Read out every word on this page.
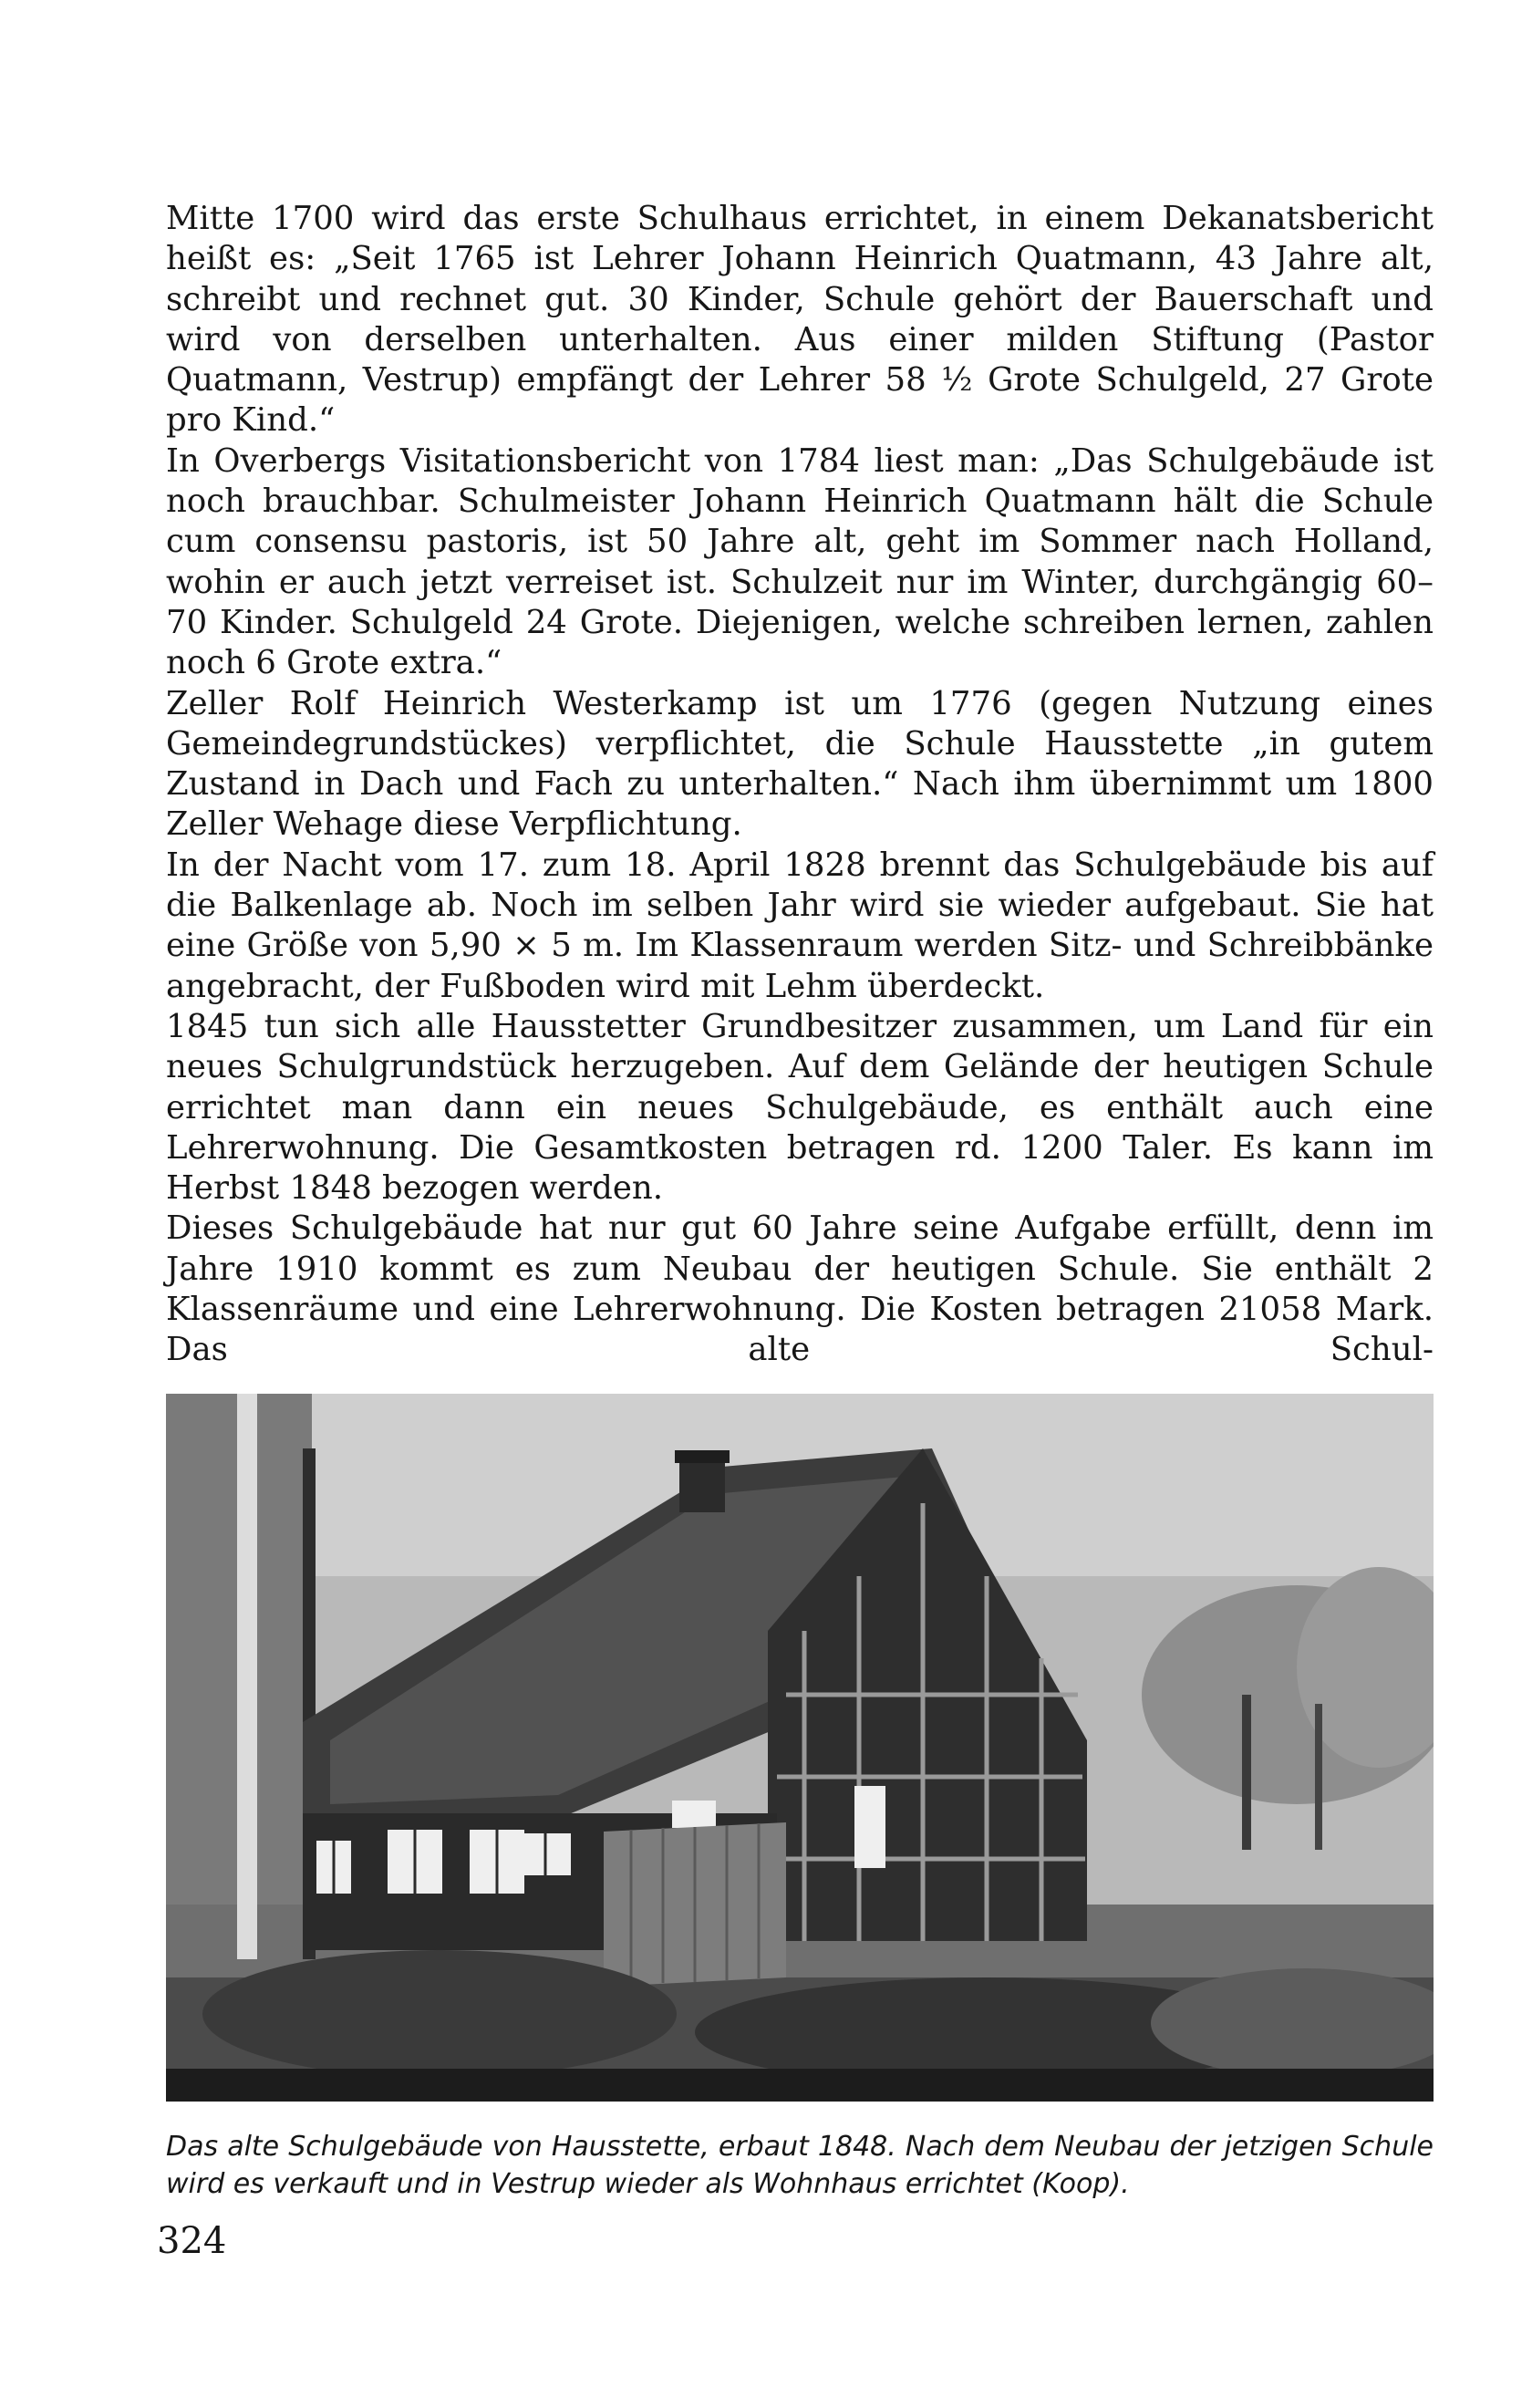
Mitte 1700 wird das erste Schulhaus errichtet, in einem Dekanatsbericht heißt es: „Seit 1765 ist Lehrer Johann Heinrich Quatmann, 43 Jahre alt, schreibt und rechnet gut. 30 Kinder, Schule gehört der Bauerschaft und wird von derselben unterhalten. Aus einer milden Stiftung (Pastor Quatmann, Vestrup) empfängt der Lehrer 58 ½ Grote Schulgeld, 27 Grote pro Kind.“

In Overbergs Visitationsbericht von 1784 liest man: „Das Schulgebäude ist noch brauchbar. Schulmeister Johann Heinrich Quatmann hält die Schule cum consensu pastoris, ist 50 Jahre alt, geht im Sommer nach Holland, wohin er auch jetzt verreiset ist. Schulzeit nur im Winter, durchgängig 60–70 Kinder. Schulgeld 24 Grote. Diejenigen, welche schreiben lernen, zahlen noch 6 Grote extra.“

Zeller Rolf Heinrich Westerkamp ist um 1776 (gegen Nutzung eines Gemeindegrundstückes) verpflichtet, die Schule Hausstette „in gutem Zustand in Dach und Fach zu unterhalten.“ Nach ihm übernimmt um 1800 Zeller Wehage diese Verpflichtung.

In der Nacht vom 17. zum 18. April 1828 brennt das Schulgebäude bis auf die Balkenlage ab. Noch im selben Jahr wird sie wieder aufgebaut. Sie hat eine Größe von 5,90 × 5 m. Im Klassenraum werden Sitz- und Schreibbänke angebracht, der Fußboden wird mit Lehm überdeckt.

1845 tun sich alle Hausstetter Grundbesitzer zusammen, um Land für ein neues Schulgrundstück herzugeben. Auf dem Gelände der heutigen Schule errichtet man dann ein neues Schulgebäude, es enthält auch eine Lehrerwohnung. Die Gesamtkosten betragen rd. 1200 Taler. Es kann im Herbst 1848 bezogen werden.

Dieses Schulgebäude hat nur gut 60 Jahre seine Aufgabe erfüllt, denn im Jahre 1910 kommt es zum Neubau der heutigen Schule. Sie enthält 2 Klassenräume und eine Lehrerwohnung. Die Kosten betragen 21058 Mark. Das alte Schul-

Das alte Schulgebäude von Hausstette, erbaut 1848. Nach dem Neubau der jetzigen Schule wird es verkauft und in Vestrup wieder als Wohnhaus errichtet (Koop).

324
